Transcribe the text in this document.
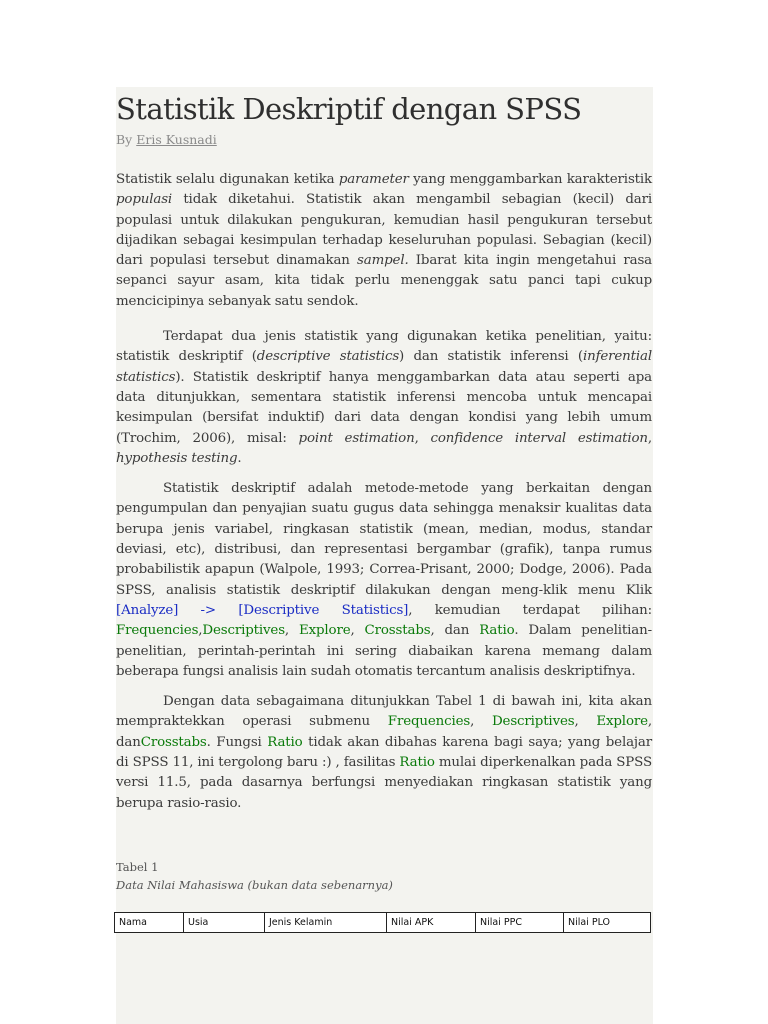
Statistik Deskriptif dengan SPSS
By Eris Kusnadi

Statistik selalu digunakan ketika parameter yang menggambarkan karakteristik populasi tidak diketahui. Statistik akan mengambil sebagian (kecil) dari populasi untuk dilakukan pengukuran, kemudian hasil pengukuran tersebut dijadikan sebagai kesimpulan terhadap keseluruhan populasi. Sebagian (kecil) dari populasi tersebut dinamakan sampel. Ibarat kita ingin mengetahui rasa sepanci sayur asam, kita tidak perlu menenggak satu panci tapi cukup mencicipinya sebanyak satu sendok.

Terdapat dua jenis statistik yang digunakan ketika penelitian, yaitu: statistik deskriptif (descriptive statistics) dan statistik inferensi (inferential statistics). Statistik deskriptif hanya menggambarkan data atau seperti apa data ditunjukkan, sementara statistik inferensi mencoba untuk mencapai kesimpulan (bersifat induktif) dari data dengan kondisi yang lebih umum (Trochim, 2006), misal: point estimation, confidence interval estimation, hypothesis testing.

Statistik deskriptif adalah metode-metode yang berkaitan dengan pengumpulan dan penyajian suatu gugus data sehingga menaksir kualitas data berupa jenis variabel, ringkasan statistik (mean, median, modus, standar deviasi, etc), distribusi, dan representasi bergambar (grafik), tanpa rumus probabilistik apapun (Walpole, 1993; Correa-Prisant, 2000; Dodge, 2006). Pada SPSS, analisis statistik deskriptif dilakukan dengan meng-klik menu Klik [Analyze] -> [Descriptive Statistics], kemudian terdapat pilihan: Frequencies,Descriptives, Explore, Crosstabs, dan Ratio. Dalam penelitian-penelitian, perintah-perintah ini sering diabaikan karena memang dalam beberapa fungsi analisis lain sudah otomatis tercantum analisis deskriptifnya.

Dengan data sebagaimana ditunjukkan Tabel 1 di bawah ini, kita akan mempraktekkan operasi submenu Frequencies, Descriptives, Explore, danCrosstabs. Fungsi Ratio tidak akan dibahas karena bagi saya; yang belajar di SPSS 11, ini tergolong baru :) , fasilitas Ratio mulai diperkenalkan pada SPSS versi 11.5, pada dasarnya berfungsi menyediakan ringkasan statistik yang berupa rasio-rasio.

Tabel 1

Data Nilai Mahasiswa (bukan data sebenarnya)

Nama	Usia	Jenis Kelamin	Nilai APK	Nilai PPC	Nilai PLO
